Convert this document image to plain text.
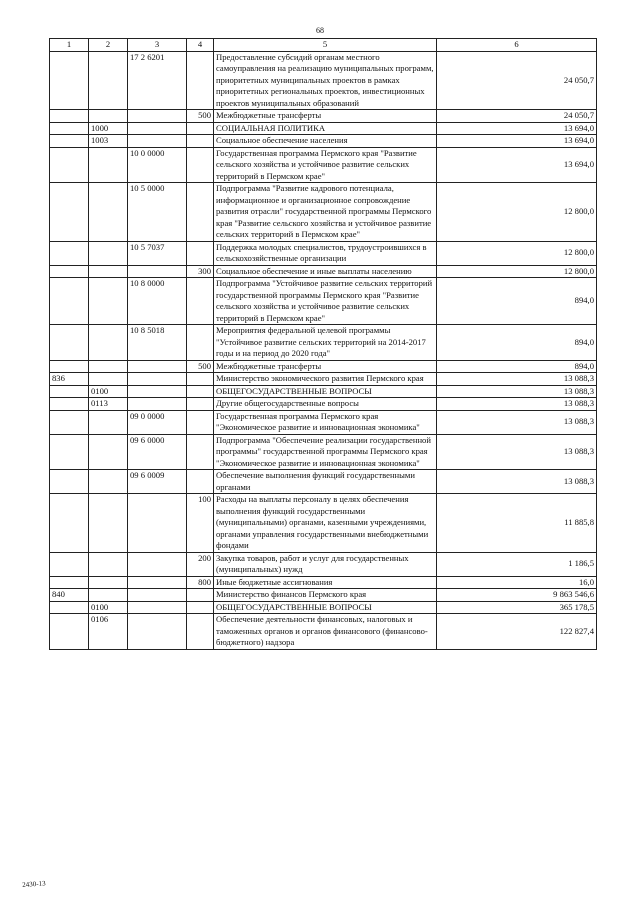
68
1	2	3	4	5	6
		17 2 6201		Предоставление субсидий органам местного самоуправления на реализацию муниципальных программ, приоритетных муниципальных проектов в рамках приоритетных региональных проектов, инвестиционных проектов муниципальных образований	24 050,7
			500	Межбюджетные трансферты	24 050,7
	1000			СОЦИАЛЬНАЯ ПОЛИТИКА	13 694,0
	1003			Социальное обеспечение населения	13 694,0
		10 0 0000		Государственная программа Пермского края "Развитие сельского хозяйства и устойчивое развитие сельских территорий в Пермском крае"	13 694,0
		10 5 0000		Подпрограмма "Развитие кадрового потенциала, информационное и организационное сопровождение развития отрасли" государственной программы Пермского края "Развитие сельского хозяйства и устойчивое развитие сельских территорий в Пермском крае"	12 800,0
		10 5 7037		Поддержка молодых специалистов, трудоустроившихся в сельскохозяйственные организации	12 800,0
			300	Социальное обеспечение и иные выплаты населению	12 800,0
		10 8 0000		Подпрограмма "Устойчивое развитие сельских территорий государственной программы Пермского края "Развитие сельского хозяйства и устойчивое развитие сельских территорий в Пермском крае"	894,0
		10 8 5018		Мероприятия федеральной целевой программы "Устойчивое развитие сельских территорий на 2014-2017 годы и на период до 2020 года"	894,0
			500	Межбюджетные трансферты	894,0
836				Министерство экономического развития Пермского края	13 088,3
	0100			ОБЩЕГОСУДАРСТВЕННЫЕ ВОПРОСЫ	13 088,3
	0113			Другие общегосударственные вопросы	13 088,3
		09 0 0000		Государственная программа Пермского края "Экономическое развитие и инновационная экономика"	13 088,3
		09 6 0000		Подпрограмма "Обеспечение реализации государственной программы" государственной программы Пермского края "Экономическое развитие и инновационная экономика"	13 088,3
		09 6 0009		Обеспечение выполнения функций государственными органами	13 088,3
			100	Расходы на выплаты персоналу в целях обеспечения выполнения функций государственными (муниципальными) органами, казенными учреждениями, органами управления государственными внебюджетными фондами	11 885,8
			200	Закупка товаров, работ и услуг для государственных (муниципальных) нужд	1 186,5
			800	Иные бюджетные ассигнования	16,0
840				Министерство финансов Пермского края	9 863 546,6
	0100			ОБЩЕГОСУДАРСТВЕННЫЕ ВОПРОСЫ	365 178,5
	0106			Обеспечение деятельности финансовых, налоговых и таможенных органов и органов финансового (финансово-бюджетного) надзора	122 827,4
2430-13
